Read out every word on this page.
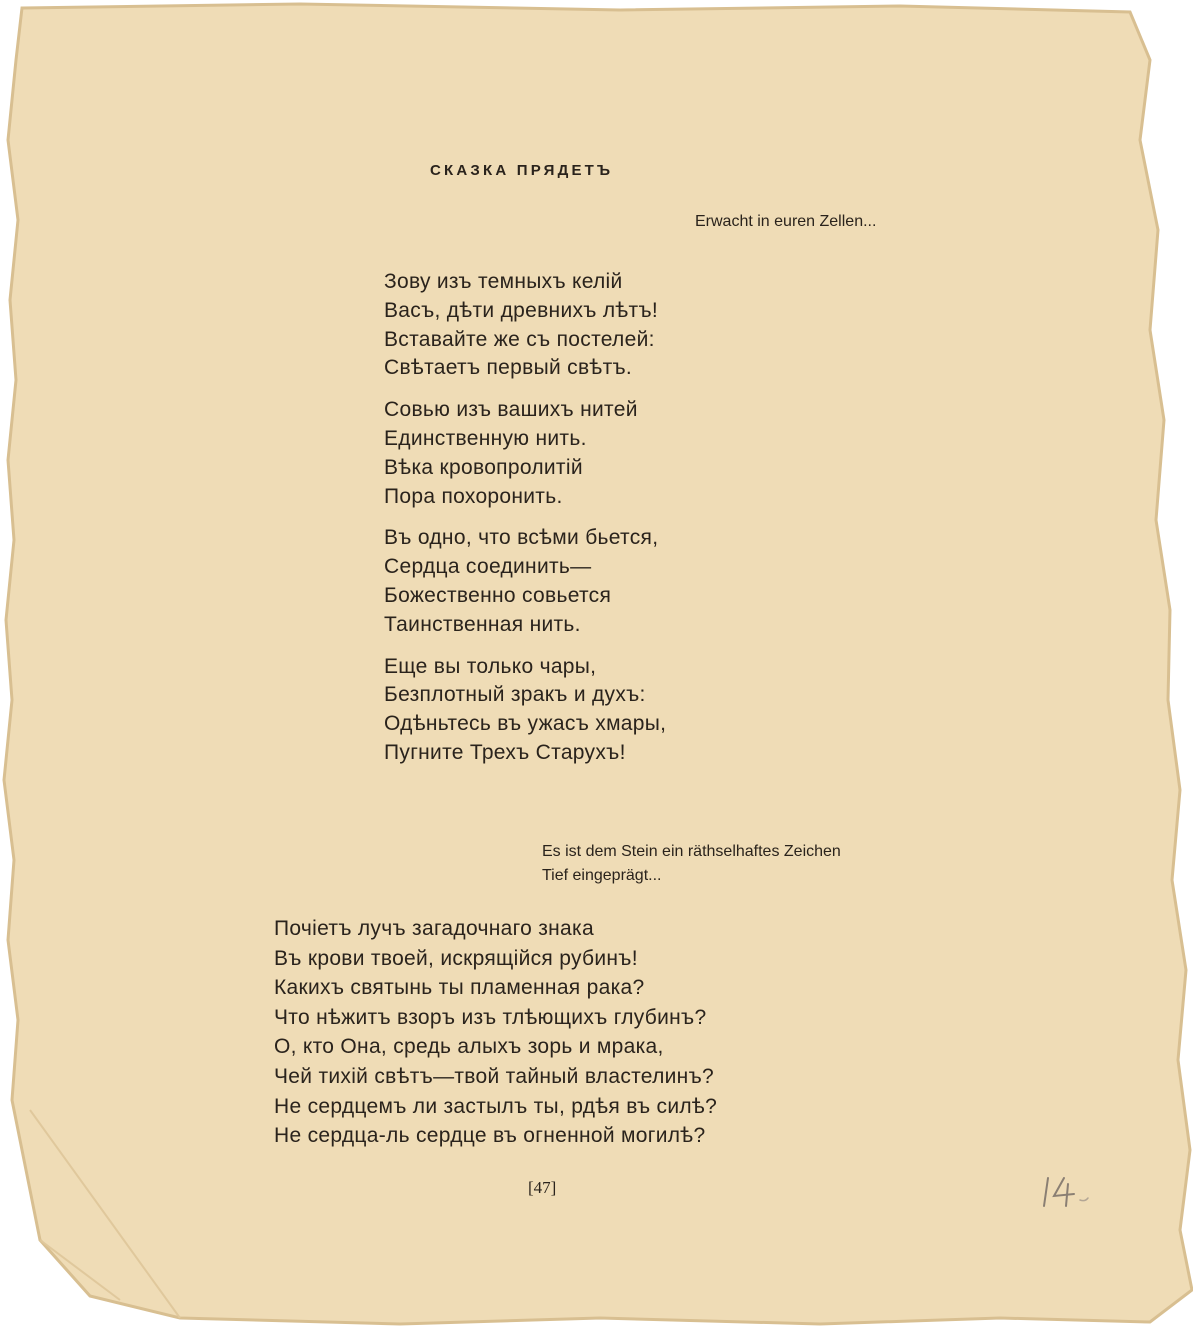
СКАЗКА ПРЯДЕТЪ
Erwacht in euren Zellen...
Зову изъ темныхъ келій
Васъ, дѣти древнихъ лѣтъ!
Вставайте же съ постелей:
Свѣтаетъ первый свѣтъ.
Совью изъ вашихъ нитей
Единственную нить.
Вѣка кровопролитій
Пора похоронить.
Въ одно, что всѣми бьется,
Сердца соединить—
Божественно совьется
Таинственная нить.
Еще вы только чары,
Безплотный зракъ и духъ:
Одѣньтесь въ ужасъ хмары,
Пугните Трехъ Старухъ!
Es ist dem Stein ein räthselhaftes Zeichen
Tief eingeprägt...
Почіетъ лучъ загадочнаго знака
Въ крови твоей, искрящійся рубинъ!
Какихъ святынь ты пламенная рака?
Что нѣжитъ взоръ изъ тлѣющихъ глубинъ?
О, кто Она, средь алыхъ зорь и мрака,
Чей тихій свѣтъ—твой тайный властелинъ?
Не сердцемъ ли застылъ ты, рдѣя въ силѣ?
Не сердца-ль сердце въ огненной могилѣ?
[47]
